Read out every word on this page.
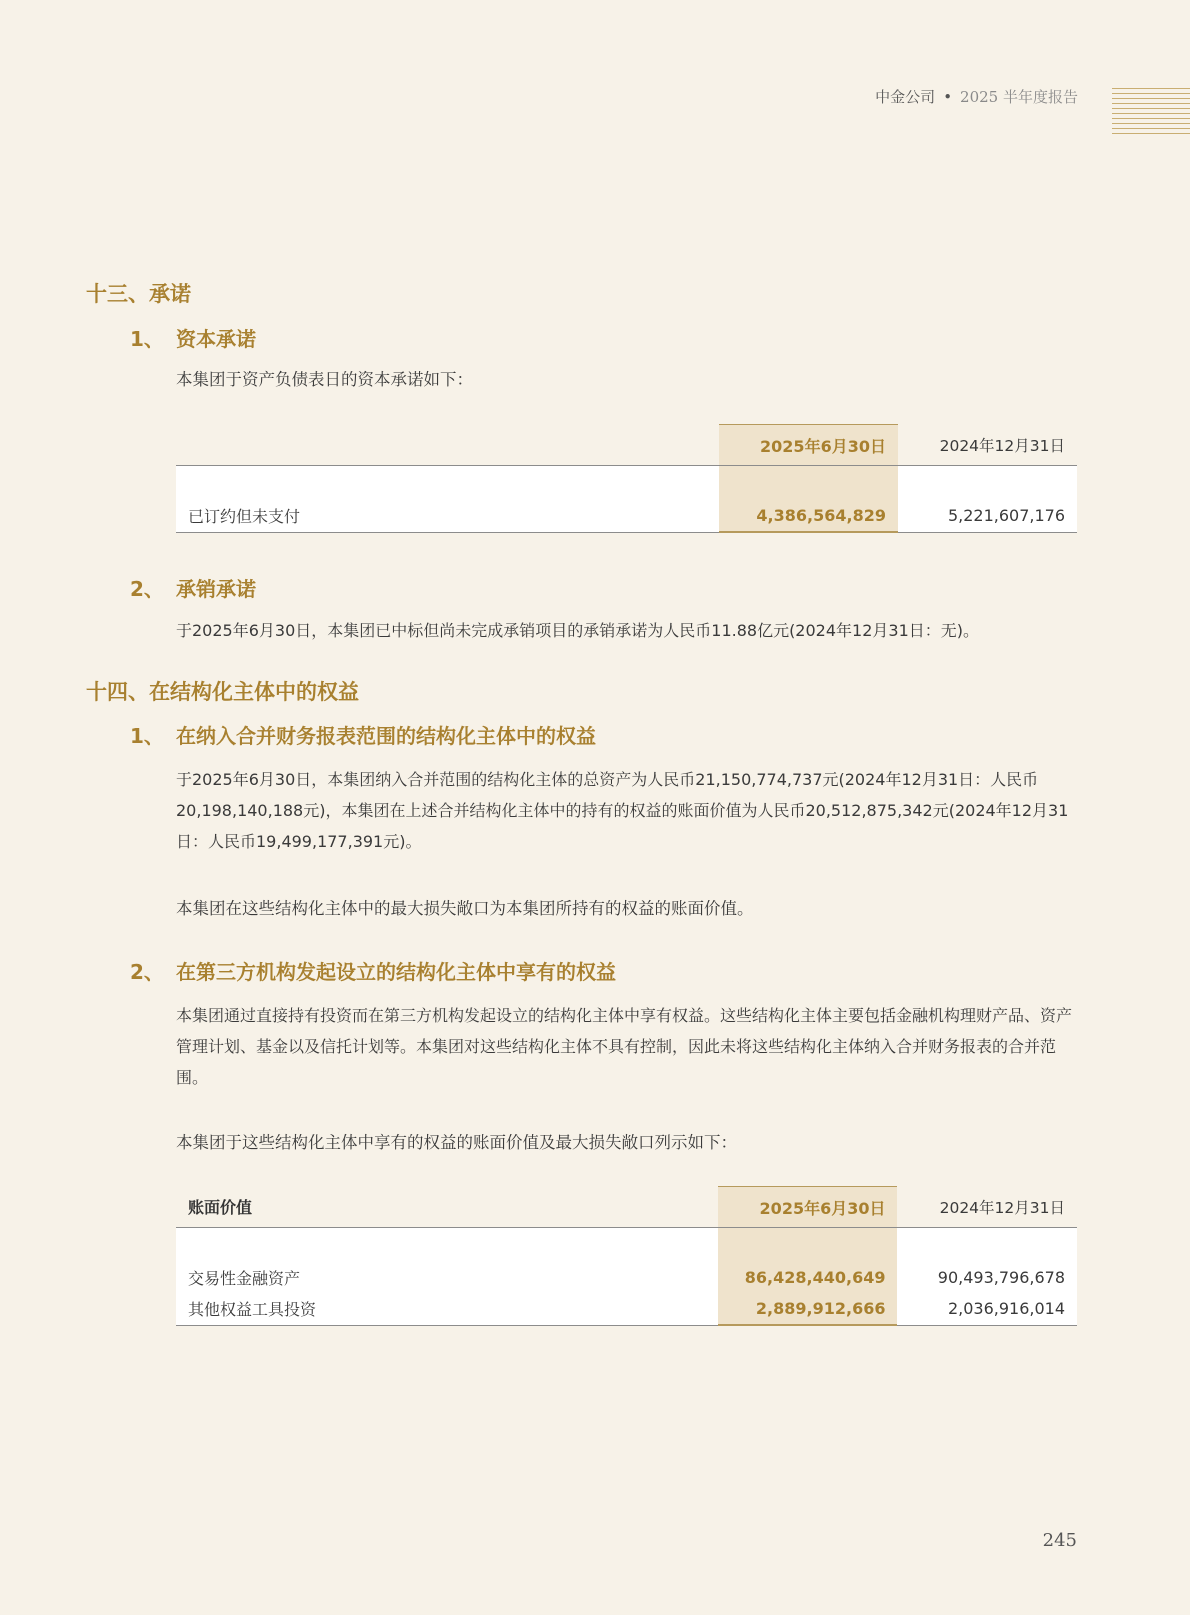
中金公司 • 2025 半年度报告
十三、承诺
1、 资本承诺
本集团于资产负债表日的资本承诺如下：
	2025年6月30日	2024年12月31日

已订约但未支付	4,386,564,829	5,221,607,176
2、 承销承诺
于2025年6月30日，本集团已中标但尚未完成承销项目的承销承诺为人民币11.88亿元(2024年12月31日：无)。
十四、在结构化主体中的权益
1、 在纳入合并财务报表范围的结构化主体中的权益
于2025年6月30日，本集团纳入合并范围的结构化主体的总资产为人民币21,150,774,737元(2024年12月31日：人民币20,198,140,188元)，本集团在上述合并结构化主体中的持有的权益的账面价值为人民币20,512,875,342元(2024年12月31日：人民币19,499,177,391元)。
本集团在这些结构化主体中的最大损失敞口为本集团所持有的权益的账面价值。
2、 在第三方机构发起设立的结构化主体中享有的权益
本集团通过直接持有投资而在第三方机构发起设立的结构化主体中享有权益。这些结构化主体主要包括金融机构理财产品、资产管理计划、基金以及信托计划等。本集团对这些结构化主体不具有控制，因此未将这些结构化主体纳入合并财务报表的合并范围。
本集团于这些结构化主体中享有的权益的账面价值及最大损失敞口列示如下：
账面价值	2025年6月30日	2024年12月31日

交易性金融资产	86,428,440,649	90,493,796,678
其他权益工具投资	2,889,912,666	2,036,916,014
245
